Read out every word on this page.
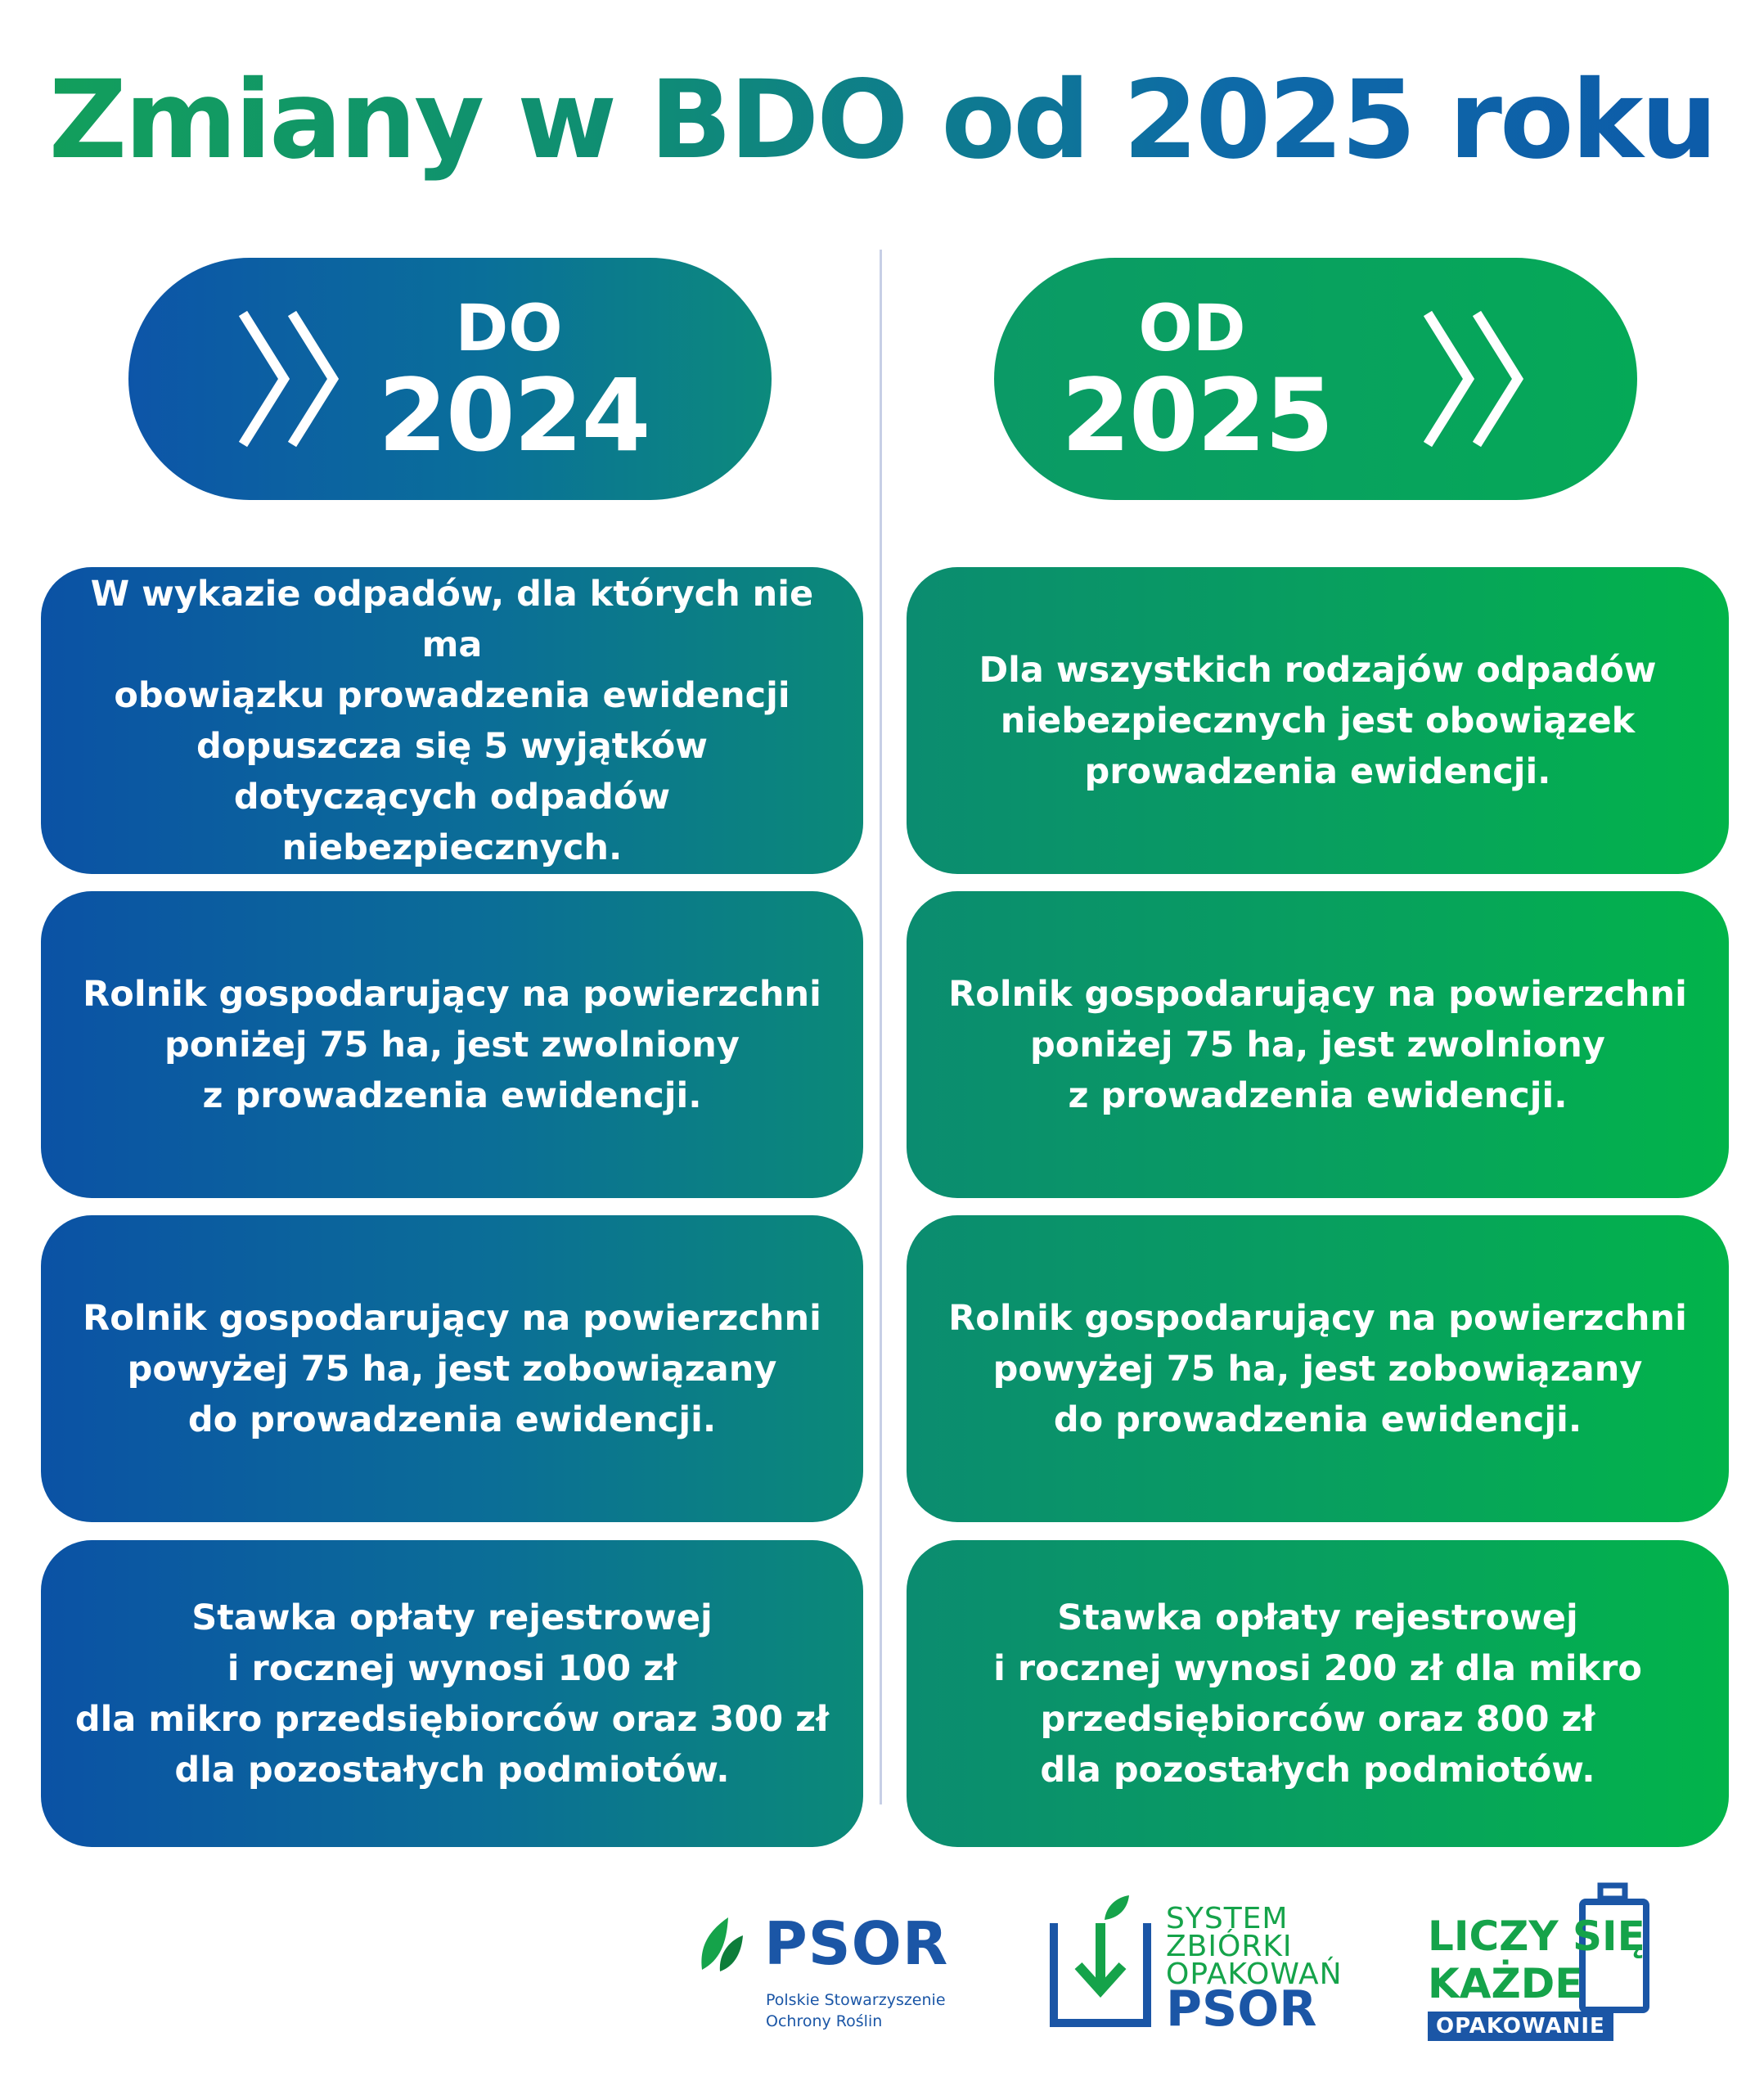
Zmiany w BDO od 2025 roku
DO
2024
OD
2025
W wykazie odpadów, dla których nie ma
obowiązku prowadzenia ewidencji
dopuszcza się 5 wyjątków
dotyczących odpadów niebezpiecznych.
Rolnik gospodarujący na powierzchni
poniżej 75 ha, jest zwolniony
z prowadzenia ewidencji.
Rolnik gospodarujący na powierzchni
powyżej 75 ha, jest zobowiązany
do prowadzenia ewidencji.
Stawka opłaty rejestrowej
i rocznej wynosi 100 zł
dla mikro przedsiębiorców oraz 300 zł
dla pozostałych podmiotów.
Dla wszystkich rodzajów odpadów
niebezpiecznych jest obowiązek
prowadzenia ewidencji.
Rolnik gospodarujący na powierzchni
poniżej 75 ha, jest zwolniony
z prowadzenia ewidencji.
Rolnik gospodarujący na powierzchni
powyżej 75 ha, jest zobowiązany
do prowadzenia ewidencji.
Stawka opłaty rejestrowej
i rocznej wynosi 200 zł dla mikro
przedsiębiorców oraz 800 zł
dla pozostałych podmiotów.
PSOR
Polskie Stowarzyszenie
Ochrony Roślin
SYSTEM
ZBIÓRKI
OPAKOWAŃ
PSOR
LICZY SIĘ
KAŻDE
OPAKOWANIE
